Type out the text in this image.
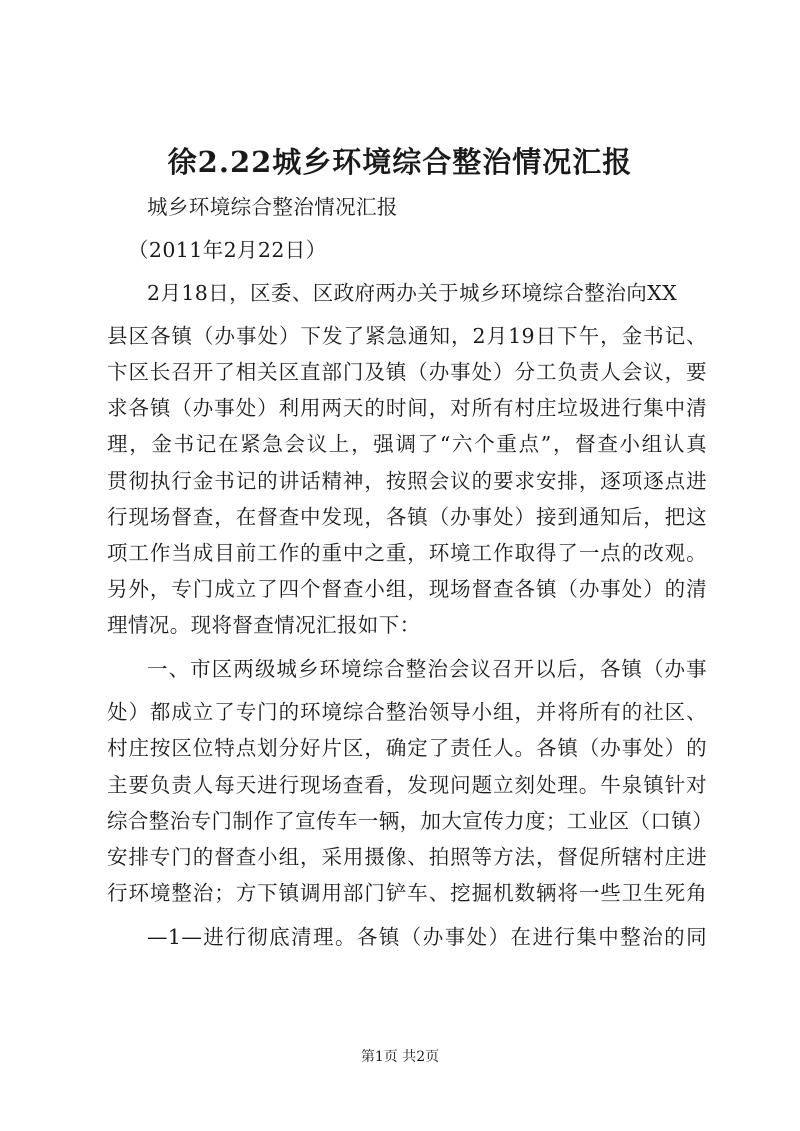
徐2.22城乡环境综合整治情况汇报
城乡环境综合整治情况汇报
（2011年2月22日）
2月18日，区委、区政府两办关于城乡环境综合整治向XX
县区各镇（办事处）下发了紧急通知，2月19日下午，金书记、
卞区长召开了相关区直部门及镇（办事处）分工负责人会议，要
求各镇（办事处）利用两天的时间，对所有村庄垃圾进行集中清
理，金书记在紧急会议上，强调了“六个重点”，督查小组认真
贯彻执行金书记的讲话精神，按照会议的要求安排，逐项逐点进
行现场督查，在督查中发现，各镇（办事处）接到通知后，把这
项工作当成目前工作的重中之重，环境工作取得了一点的改观。
另外，专门成立了四个督查小组，现场督查各镇（办事处）的清
理情况。现将督查情况汇报如下：
一、市区两级城乡环境综合整治会议召开以后，各镇（办事
处）都成立了专门的环境综合整治领导小组，并将所有的社区、
村庄按区位特点划分好片区，确定了责任人。各镇（办事处）的
主要负责人每天进行现场查看，发现问题立刻处理。牛泉镇针对
综合整治专门制作了宣传车一辆，加大宣传力度；工业区（口镇）
安排专门的督查小组，采用摄像、拍照等方法，督促所辖村庄进
行环境整治；方下镇调用部门铲车、挖掘机数辆将一些卫生死角
—1—进行彻底清理。各镇（办事处）在进行集中整治的同
第1页 共2页
